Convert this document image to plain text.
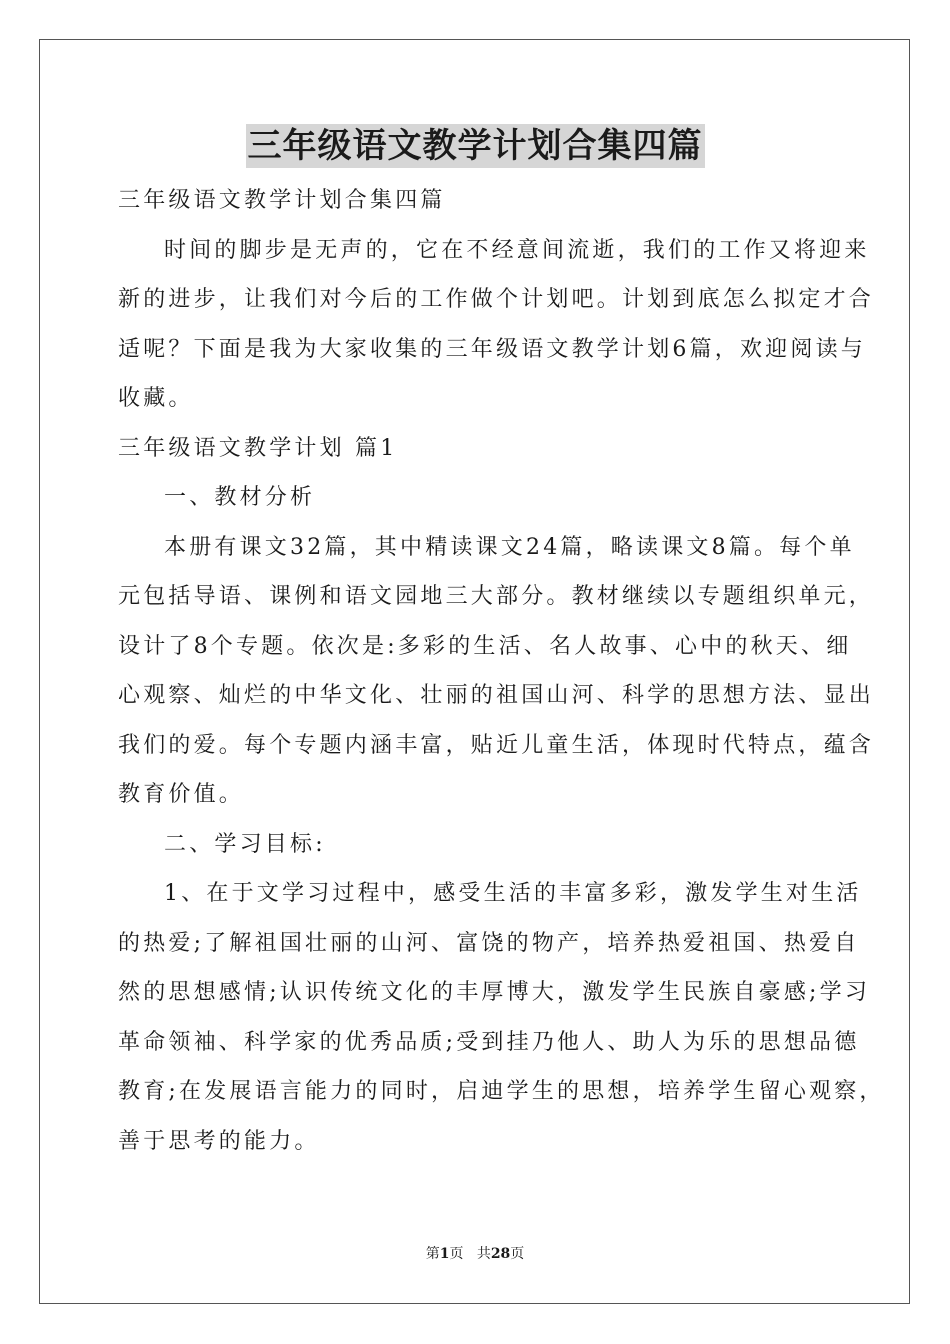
三年级语文教学计划合集四篇
三年级语文教学计划合集四篇
时间的脚步是无声的，它在不经意间流逝，我们的工作又将迎来
新的进步，让我们对今后的工作做个计划吧。计划到底怎么拟定才合
适呢？下面是我为大家收集的三年级语文教学计划6篇，欢迎阅读与
收藏。
三年级语文教学计划 篇1
一、教材分析
本册有课文32篇，其中精读课文24篇，略读课文8篇。每个单
元包括导语、课例和语文园地三大部分。教材继续以专题组织单元，
设计了8个专题。依次是:多彩的生活、名人故事、心中的秋天、细
心观察、灿烂的中华文化、壮丽的祖国山河、科学的思想方法、显出
我们的爱。每个专题内涵丰富，贴近儿童生活，体现时代特点，蕴含
教育价值。
二、学习目标:
1、在于文学习过程中，感受生活的丰富多彩，激发学生对生活
的热爱;了解祖国壮丽的山河、富饶的物产，培养热爱祖国、热爱自
然的思想感情;认识传统文化的丰厚博大，激发学生民族自豪感;学习
革命领袖、科学家的优秀品质;受到挂乃他人、助人为乐的思想品德
教育;在发展语言能力的同时，启迪学生的思想，培养学生留心观察，
善于思考的能力。
第1页 共28页
